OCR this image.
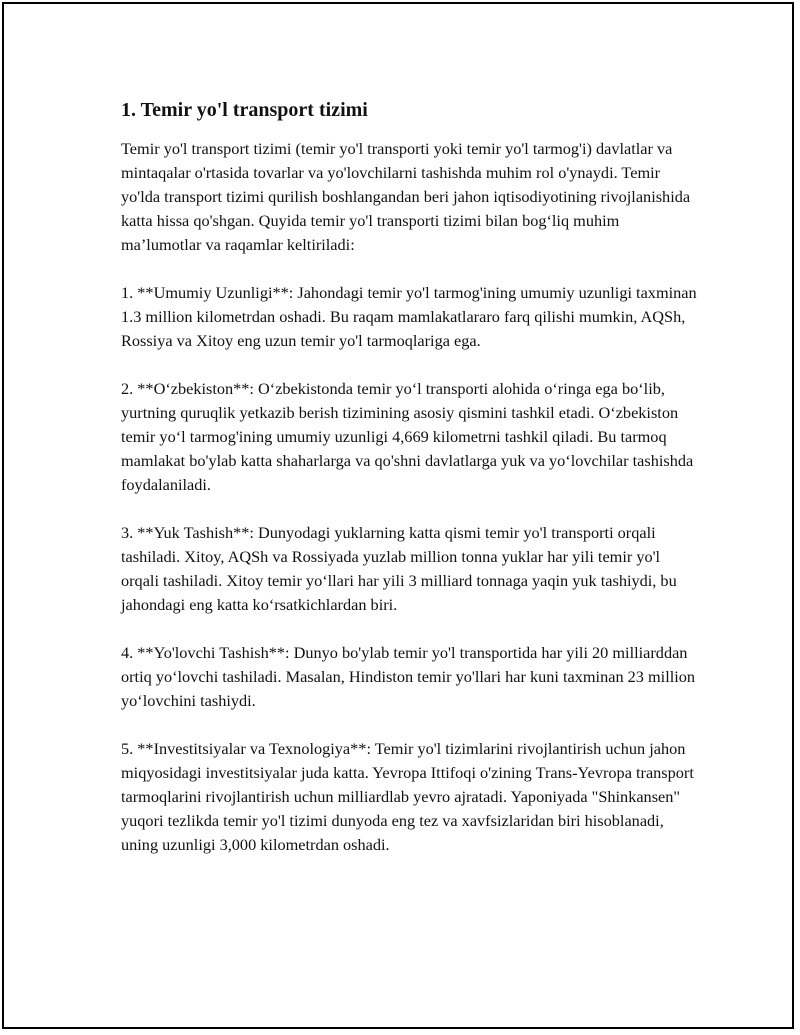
1. Temir yo'l transport tizimi

Temir yo'l transport tizimi (temir yo'l transporti yoki temir yo'l tarmog'i) davlatlar va mintaqalar o'rtasida tovarlar va yo'lovchilarni tashishda muhim rol o'ynaydi. Temir yo'lda transport tizimi qurilish boshlangandan beri jahon iqtisodiyotining rivojlanishida katta hissa qo'shgan. Quyida temir yo'l transporti tizimi bilan bog‘liq muhim ma’lumotlar va raqamlar keltiriladi:

1. **Umumiy Uzunligi**: Jahondagi temir yo'l tarmog'ining umumiy uzunligi taxminan 1.3 million kilometrdan oshadi. Bu raqam mamlakatlararo farq qilishi mumkin, AQSh, Rossiya va Xitoy eng uzun temir yo'l tarmoqlariga ega.

2. **O‘zbekiston**: O‘zbekistonda temir yo‘l transporti alohida o‘ringa ega bo‘lib, yurtning quruqlik yetkazib berish tizimining asosiy qismini tashkil etadi. O‘zbekiston temir yo‘l tarmog'ining umumiy uzunligi 4,669 kilometrni tashkil qiladi. Bu tarmoq mamlakat bo'ylab katta shaharlarga va qo'shni davlatlarga yuk va yo‘lovchilar tashishda foydalaniladi.

3. **Yuk Tashish**: Dunyodagi yuklarning katta qismi temir yo'l transporti orqali tashiladi. Xitoy, AQSh va Rossiyada yuzlab million tonna yuklar har yili temir yo'l orqali tashiladi. Xitoy temir yo‘llari har yili 3 milliard tonnaga yaqin yuk tashiydi, bu jahondagi eng katta ko‘rsatkichlardan biri.

4. **Yo'lovchi Tashish**: Dunyo bo'ylab temir yo'l transportida har yili 20 milliarddan ortiq yo‘lovchi tashiladi. Masalan, Hindiston temir yo'llari har kuni taxminan 23 million yo‘lovchini tashiydi.

5. **Investitsiyalar va Texnologiya**: Temir yo'l tizimlarini rivojlantirish uchun jahon miqyosidagi investitsiyalar juda katta. Yevropa Ittifoqi o'zining Trans-Yevropa transport tarmoqlarini rivojlantirish uchun milliardlab yevro ajratadi. Yaponiyada "Shinkansen" yuqori tezlikda temir yo'l tizimi dunyoda eng tez va xavfsizlaridan biri hisoblanadi, uning uzunligi 3,000 kilometrdan oshadi.
